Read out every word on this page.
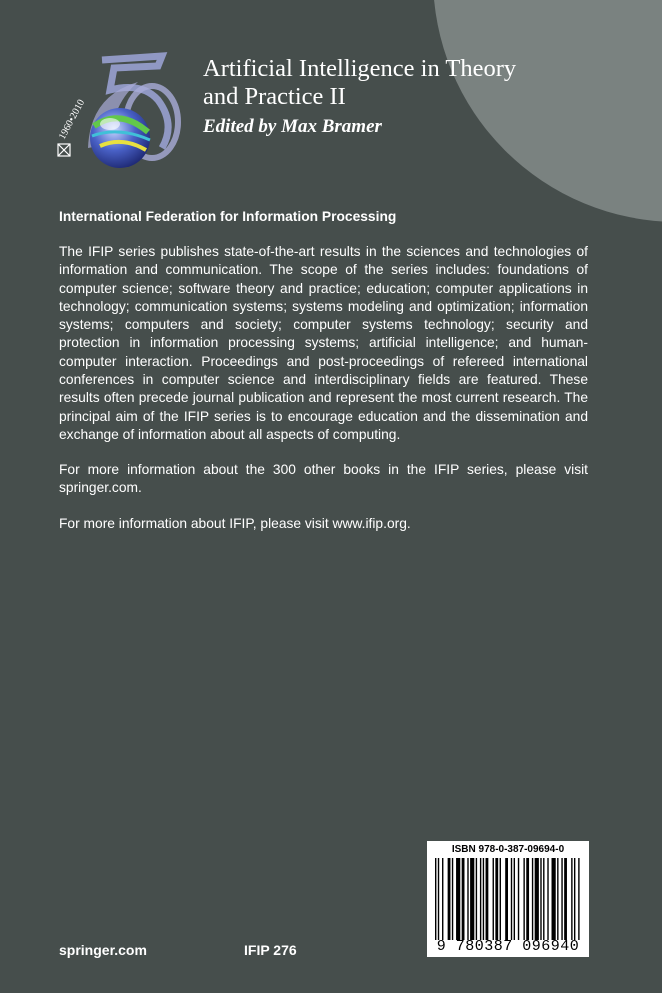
1960•2010
Artificial Intelligence in Theory
and Practice II
Edited by Max Bramer
International Federation for Information Processing

The IFIP series publishes state-of-the-art results in the sciences and technologies of information and communication. The scope of the series includes: foundations of computer science; software theory and practice; education; computer applications in technology; communication systems; systems modeling and optimization; information systems; computers and society; computer systems technology; security and protection in information processing systems; artificial intelligence; and human-computer interaction. Proceedings and post-proceedings of refereed international conferences in computer science and interdisciplinary fields are featured. These results often precede journal publication and represent the most current research. The principal aim of the IFIP series is to encourage education and the dissemination and exchange of information about all aspects of computing.

For more information about the 300 other books in the IFIP series, please visit springer.com.

For more information about IFIP, please visit www.ifip.org.

springer.com	IFIP 276
ISBN 978-0-387-09694-0
9 780387 096940
